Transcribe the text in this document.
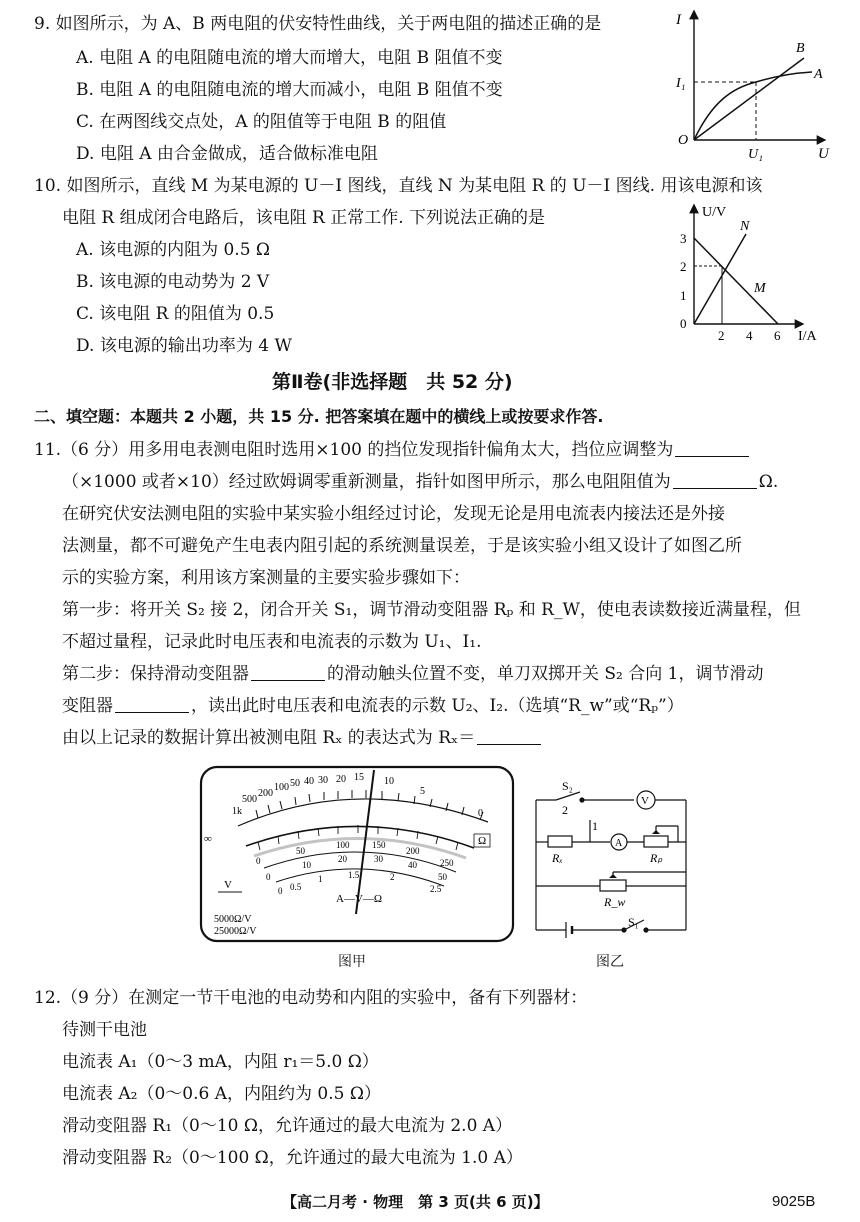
9. 如图所示，为 A、B 两电阻的伏安特性曲线，关于两电阻的描述正确的是
A. 电阻 A 的电阻随电流的增大而增大，电阻 B 阻值不变
B. 电阻 A 的电阻随电流的增大而减小，电阻 B 阻值不变
C. 在两图线交点处，A 的阻值等于电阻 B 的阻值
D. 电阻 A 由合金做成，适合做标准电阻
I
U
O
I₁
U₁
A
B
10. 如图所示，直线 M 为某电源的 U－I 图线，直线 N 为某电阻 R 的 U－I 图线. 用该电源和该
电阻 R 组成闭合电路后，该电阻 R 正常工作. 下列说法正确的是
A. 该电源的内阻为 0.5 Ω
B. 该电源的电动势为 2 V
C. 该电阻 R 的阻值为 0.5
D. 该电源的输出功率为 4 W
U/V
I/A
0
1
2
3
2 4 6
N
M
第Ⅱ卷(非选择题　共 52 分)
二、填空题：本题共 2 小题，共 15 分. 把答案填在题中的横线上或按要求作答.
11.（6 分）用多用电表测电阻时选用×100 的挡位发现指针偏角太大，挡位应调整为
（×1000 或者×10）经过欧姆调零重新测量，指针如图甲所示，那么电阻阻值为	Ω.
在研究伏安法测电阻的实验中某实验小组经过讨论，发现无论是用电流表内接法还是外接
法测量，都不可避免产生电表内阻引起的系统测量误差，于是该实验小组又设计了如图乙所
示的实验方案，利用该方案测量的主要实验步骤如下：
第一步：将开关 S₂ 接 2，闭合开关 S₁，调节滑动变阻器 Rₚ 和 R_W，使电表读数接近满量程，但
不超过量程，记录此时电压表和电流表的示数为 U₁、I₁.
第二步：保持滑动变阻器	的滑动触头位置不变，单刀双掷开关 S₂ 合向 1，调节滑动
变阻器	，读出此时电压表和电流表的示数 U₂、I₂.（选填“R_w”或“Rₚ”）
由以上记录的数据计算出被测电阻 Rₓ 的表达式为 Rₓ＝
∞
1k
500
200
100 50 40 30 20 15 10
5
0
Ω
0
50
100	150
200
250
0
10
20	30
40
50
0 0.5
1	1.5	2
2.5
A—V—Ω
5000Ω/V
25000Ω/V
V
图甲
S₂
2
1
V
A
Rₓ	Rₚ
R_w
S₁
图乙
12.（9 分）在测定一节干电池的电动势和内阻的实验中，备有下列器材：
待测干电池
电流表 A₁（0～3 mA，内阻 r₁＝5.0 Ω）
电流表 A₂（0～0.6 A，内阻约为 0.5 Ω）
滑动变阻器 R₁（0～10 Ω，允许通过的最大电流为 2.0 A）
滑动变阻器 R₂（0～100 Ω，允许通过的最大电流为 1.0 A）
【高二月考 · 物理　第 3 页(共 6 页)】	9025B
